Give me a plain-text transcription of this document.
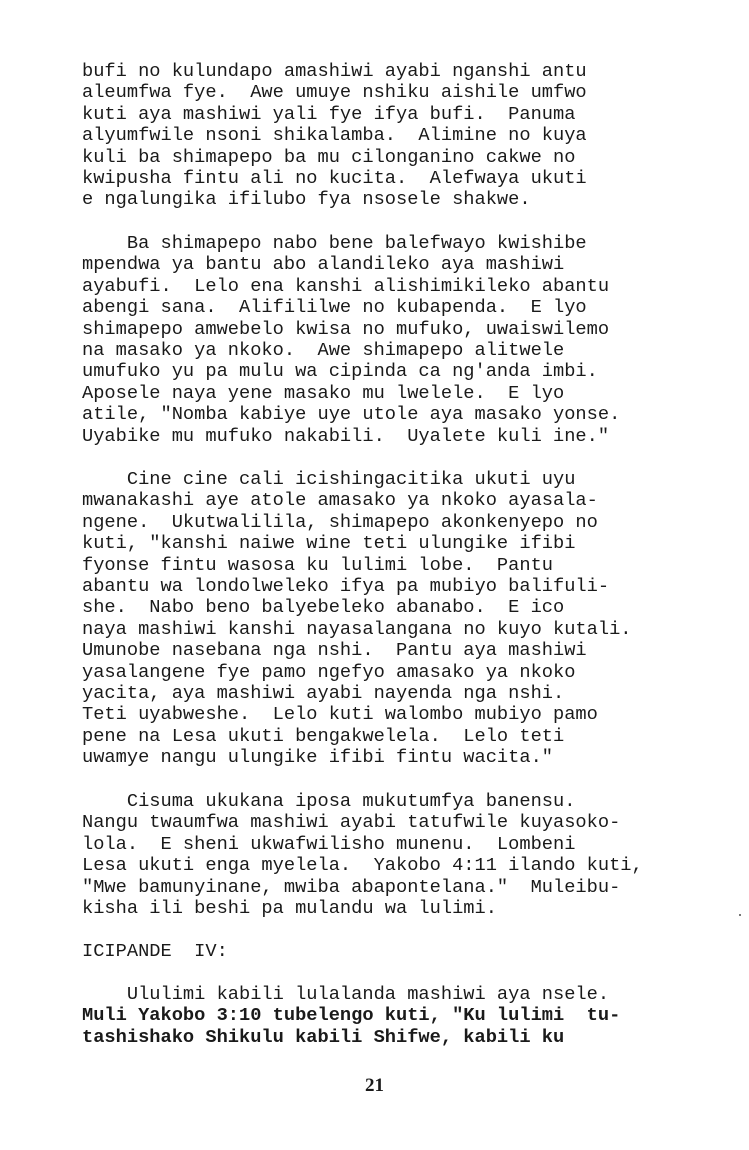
bufi no kulundapo amashiwi ayabi nganshi antu
aleumfwa fye.  Awe umuye nshiku aishile umfwo
kuti aya mashiwi yali fye ifya bufi.  Panuma
alyumfwile nsoni shikalamba.  Alimine no kuya
kuli ba shimapepo ba mu cilonganino cakwe no
kwipusha fintu ali no kucita.  Alefwaya ukuti
e ngalungika ifilubo fya nsosele shakwe.
Ba shimapepo nabo bene balefwayo kwishibe
mpendwa ya bantu abo alandileko aya mashiwi
ayabufi.  Lelo ena kanshi alishimikileko abantu
abengi sana.  Alifililwe no kubapenda.  E lyo
shimapepo amwebelo kwisa no mufuko, uwaiswilemo
na masako ya nkoko.  Awe shimapepo alitwele
umufuko yu pa mulu wa cipinda ca ng'anda imbi.
Aposele naya yene masako mu lwelele.  E lyo
atile, "Nomba kabiye uye utole aya masako yonse.
Uyabike mu mufuko nakabili.  Uyalete kuli ine."
Cine cine cali icishingacitika ukuti uyu
mwanakashi aye atole amasako ya nkoko ayasala-
ngene.  Ukutwalilila, shimapepo akonkenyepo no
kuti, "kanshi naiwe wine teti ulungike ifibi
fyonse fintu wasosa ku lulimi lobe.  Pantu
abantu wa londolweleko ifya pa mubiyo balifuli-
she.  Nabo beno balyebeleko abanabo.  E ico
naya mashiwi kanshi nayasalangana no kuyo kutali.
Umunobe nasebana nga nshi.  Pantu aya mashiwi
yasalangene fye pamo ngefyo amasako ya nkoko
yacita, aya mashiwi ayabi nayenda nga nshi.
Teti uyabweshe.  Lelo kuti walombo mubiyo pamo
pene na Lesa ukuti bengakwelela.  Lelo teti
uwamye nangu ulungike ifibi fintu wacita."
Cisuma ukukana iposa mukutumfya banensu.
Nangu twaumfwa mashiwi ayabi tatufwile kuyasoko-
lola.  E sheni ukwafwilisho munenu.  Lombeni
Lesa ukuti enga myelela.  Yakobo 4:11 ilando kuti,
"Mwe bamunyinane, mwiba abapontelana."  Muleibu-
kisha ili beshi pa mulandu wa lulimi.
ICIPANDE  IV:
Ululimi kabili lulalanda mashiwi aya nsele.
Muli Yakobo 3:10 tubelengo kuti, "Ku lulimi  tu-
tashishako Shikulu kabili Shifwe, kabili ku

21
